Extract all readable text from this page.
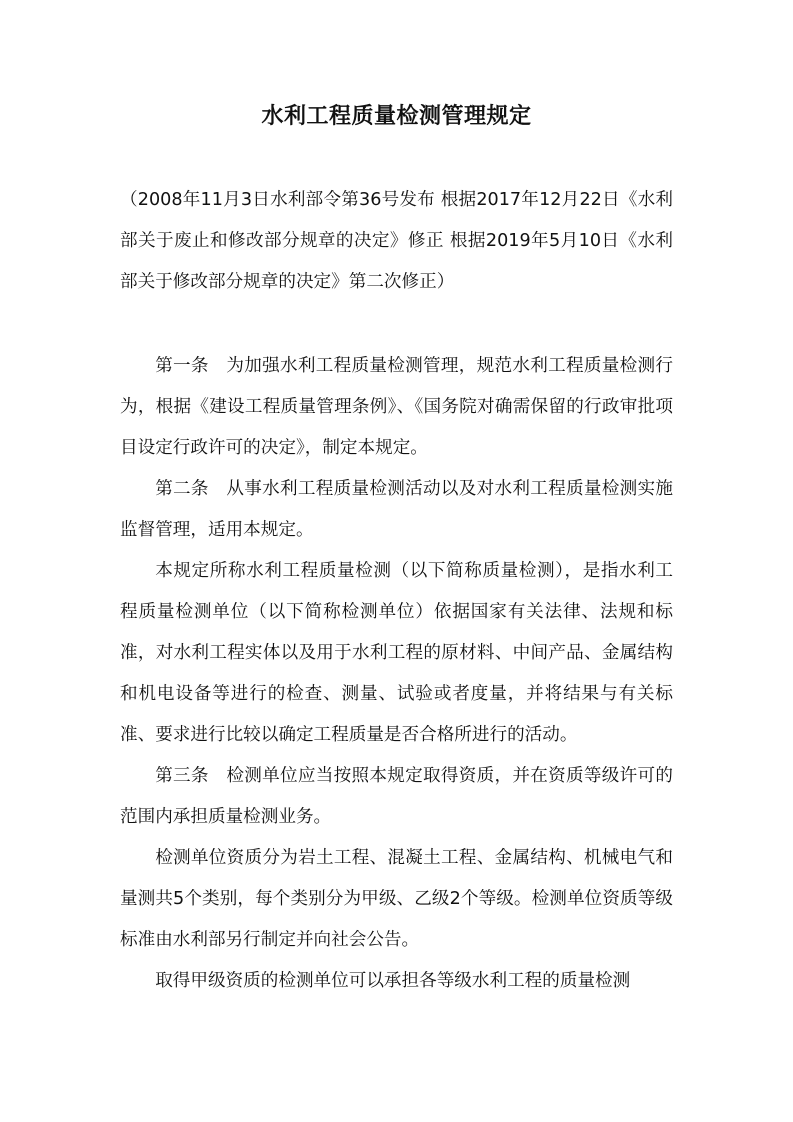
水利工程质量检测管理规定

（2008年11月3日水利部令第36号发布 根据2017年12月22日《水利部关于废止和修改部分规章的决定》修正 根据2019年5月10日《水利部关于修改部分规章的决定》第二次修正）

第一条 为加强水利工程质量检测管理，规范水利工程质量检测行为，根据《建设工程质量管理条例》、《国务院对确需保留的行政审批项目设定行政许可的决定》，制定本规定。

第二条 从事水利工程质量检测活动以及对水利工程质量检测实施监督管理，适用本规定。

本规定所称水利工程质量检测（以下简称质量检测），是指水利工程质量检测单位（以下简称检测单位）依据国家有关法律、法规和标准，对水利工程实体以及用于水利工程的原材料、中间产品、金属结构和机电设备等进行的检查、测量、试验或者度量，并将结果与有关标准、要求进行比较以确定工程质量是否合格所进行的活动。

第三条 检测单位应当按照本规定取得资质，并在资质等级许可的范围内承担质量检测业务。

检测单位资质分为岩土工程、混凝土工程、金属结构、机械电气和量测共5个类别，每个类别分为甲级、乙级2个等级。检测单位资质等级标准由水利部另行制定并向社会公告。

取得甲级资质的检测单位可以承担各等级水利工程的质量检测
